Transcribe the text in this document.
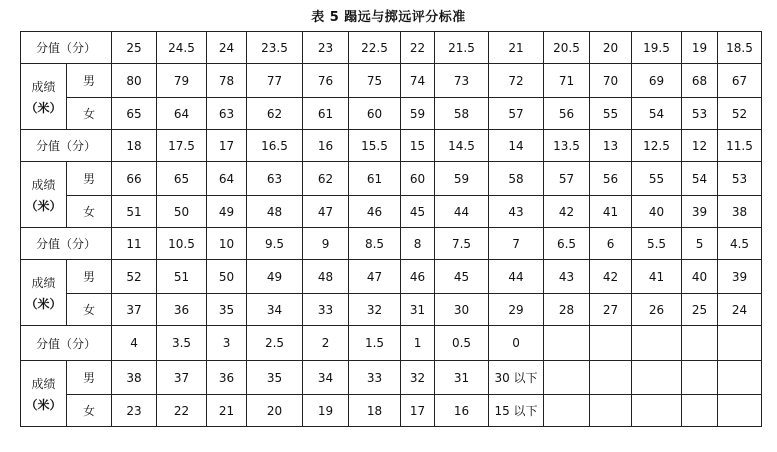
表 5 蹋远与掷远评分标准
分值（分）		25	24.5	24	23.5	23	22.5	22	21.5	21	20.5	20	19.5	19	18.5

成绩
（米）	男	80	79	78	77	76	75	74	73	72	71	70	69	68	67
	女	65	64	63	62	61	60	59	58	57	56	55	54	53	52
分值（分）		18	17.5	17	16.5	16	15.5	15	14.5	14	13.5	13	12.5	12	11.5

成绩
（米）	男	66	65	64	63	62	61	60	59	58	57	56	55	54	53
	女	51	50	49	48	47	46	45	44	43	42	41	40	39	38
分值（分）		11	10.5	10	9.5	9	8.5	8	7.5	7	6.5	6	5.5	5	4.5

成绩
（米）	男	52	51	50	49	48	47	46	45	44	43	42	41	40	39
	女	37	36	35	34	33	32	31	30	29	28	27	26	25	24
分值（分）		4	3.5	3	2.5	2	1.5	1	0.5	0					

成绩
（米）	男	38	37	36	35	34	33	32	31	30 以下					
	女	23	22	21	20	19	18	17	16	15 以下					
